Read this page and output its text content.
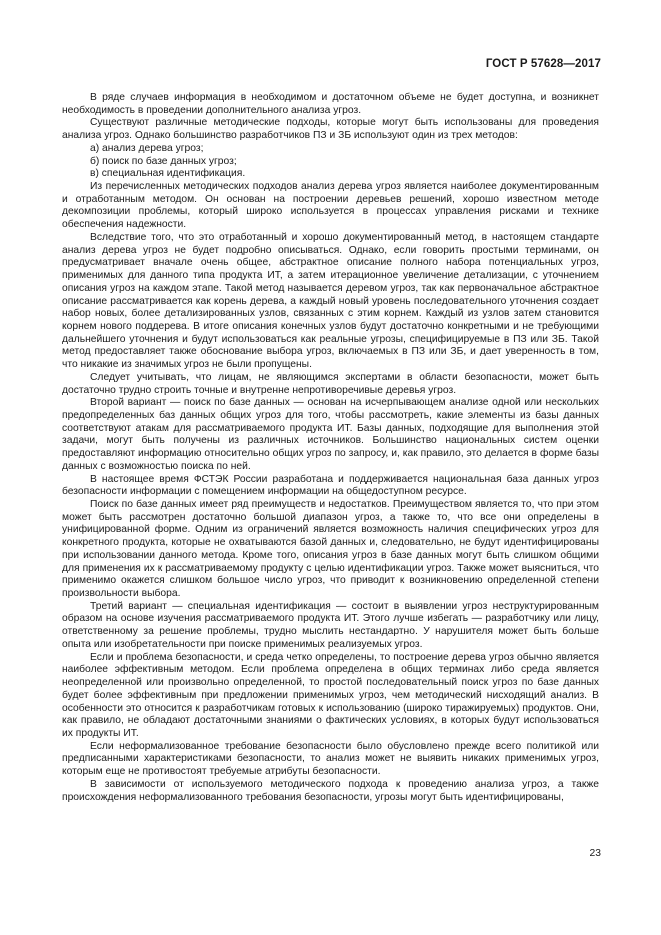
ГОСТ Р 57628—2017

В ряде случаев информация в необходимом и достаточном объеме не будет доступна, и возникнет необходимость в проведении дополнительного анализа угроз.

Существуют различные методические подходы, которые могут быть использованы для проведения анализа угроз. Однако большинство разработчиков ПЗ и ЗБ используют один из трех методов:

а) анализ дерева угроз;

б) поиск по базе данных угроз;

в) специальная идентификация.

Из перечисленных методических подходов анализ дерева угроз является наиболее документированным и отработанным методом. Он основан на построении деревьев решений, хорошо известном методе декомпозиции проблемы, который широко используется в процессах управления рисками и технике обеспечения надежности.

Вследствие того, что это отработанный и хорошо документированный метод, в настоящем стандарте анализ дерева угроз не будет подробно описываться. Однако, если говорить простыми терминами, он предусматривает вначале очень общее, абстрактное описание полного набора потенциальных угроз, применимых для данного типа продукта ИТ, а затем итерационное увеличение детализации, с уточнением описания угроз на каждом этапе. Такой метод называется деревом угроз, так как первоначальное абстрактное описание рассматривается как корень дерева, а каждый новый уровень последовательного уточнения создает набор новых, более детализированных узлов, связанных с этим корнем. Каждый из узлов затем становится корнем нового поддерева. В итоге описания конечных узлов будут достаточно конкретными и не требующими дальнейшего уточнения и будут использоваться как реальные угрозы, специфицируемые в ПЗ или ЗБ. Такой метод предоставляет также обоснование выбора угроз, включаемых в ПЗ или ЗБ, и дает уверенность в том, что никакие из значимых угроз не были пропущены.

Следует учитывать, что лицам, не являющимся экспертами в области безопасности, может быть достаточно трудно строить точные и внутренне непротиворечивые деревья угроз.

Второй вариант — поиск по базе данных — основан на исчерпывающем анализе одной или нескольких предопределенных баз данных общих угроз для того, чтобы рассмотреть, какие элементы из базы данных соответствуют атакам для рассматриваемого продукта ИТ. Базы данных, подходящие для выполнения этой задачи, могут быть получены из различных источников. Большинство национальных систем оценки предоставляют информацию относительно общих угроз по запросу, и, как правило, это делается в форме базы данных с возможностью поиска по ней.

В настоящее время ФСТЭК России разработана и поддерживается национальная база данных угроз безопасности информации с помещением информации на общедоступном ресурсе.

Поиск по базе данных имеет ряд преимуществ и недостатков. Преимуществом является то, что при этом может быть рассмотрен достаточно большой диапазон угроз, а также то, что все они определены в унифицированной форме. Одним из ограничений является возможность наличия специфических угроз для конкретного продукта, которые не охватываются базой данных и, следовательно, не будут идентифицированы при использовании данного метода. Кроме того, описания угроз в базе данных могут быть слишком общими для применения их к рассматриваемому продукту с целью идентификации угроз. Также может выясниться, что применимо окажется слишком большое число угроз, что приводит к возникновению определенной степени произвольности выбора.

Третий вариант — специальная идентификация — состоит в выявлении угроз неструктурированным образом на основе изучения рассматриваемого продукта ИТ. Этого лучше избегать — разработчику или лицу, ответственному за решение проблемы, трудно мыслить нестандартно. У нарушителя может быть больше опыта или изобретательности при поиске применимых реализуемых угроз.

Если и проблема безопасности, и среда четко определены, то построение дерева угроз обычно является наиболее эффективным методом. Если проблема определена в общих терминах либо среда является неопределенной или произвольно определенной, то простой последовательный поиск угроз по базе данных будет более эффективным при предложении применимых угроз, чем методический нисходящий анализ. В особенности это относится к разработчикам готовых к использованию (широко тиражируемых) продуктов. Они, как правило, не обладают достаточными знаниями о фактических условиях, в которых будут использоваться их продукты ИТ.

Если неформализованное требование безопасности было обусловлено прежде всего политикой или предписанными характеристиками безопасности, то анализ может не выявить никаких применимых угроз, которым еще не противостоят требуемые атрибуты безопасности.

В зависимости от используемого методического подхода к проведению анализа угроз, а также происхождения неформализованного требования безопасности, угрозы могут быть идентифицированы,

23
